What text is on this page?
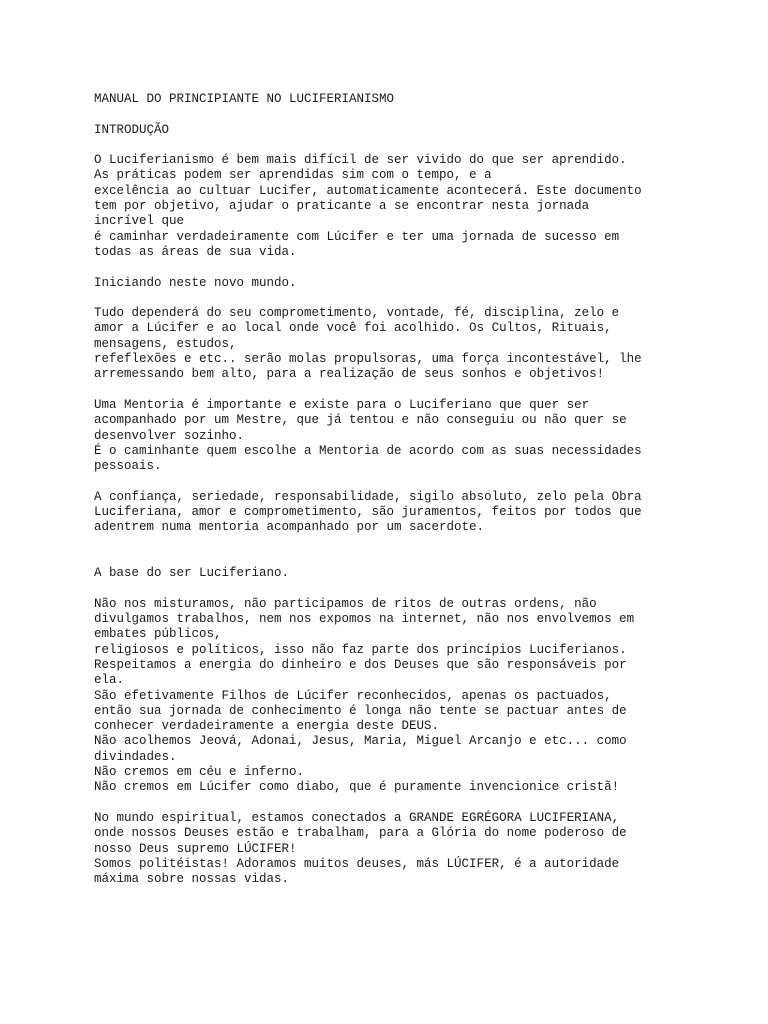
MANUAL DO PRINCIPIANTE NO LUCIFERIANISMO
INTRODUÇÃO
O Luciferianismo é bem mais difícil de ser vivido do que ser aprendido.
As práticas podem ser aprendidas sim com o tempo, e a
excelência ao cultuar Lucifer, automaticamente acontecerá. Este documento
tem por objetivo, ajudar o praticante a se encontrar nesta jornada
incrível que
é caminhar verdadeiramente com Lúcifer e ter uma jornada de sucesso em
todas as áreas de sua vida.
Iniciando neste novo mundo.
Tudo dependerá do seu comprometimento, vontade, fé, disciplina, zelo e
amor a Lúcifer e ao local onde você foi acolhido. Os Cultos, Rituais,
mensagens, estudos,
refeflexões e etc.. serão molas propulsoras, uma força incontestável, lhe
arremessando bem alto, para a realização de seus sonhos e objetivos!
Uma Mentoria é importante e existe para o Luciferiano que quer ser
acompanhado por um Mestre, que já tentou e não conseguiu ou não quer se
desenvolver sozinho.
É o caminhante quem escolhe a Mentoria de acordo com as suas necessidades
pessoais.
A confiança, seriedade, responsabilidade, sigilo absoluto, zelo pela Obra
Luciferiana, amor e comprometimento, são juramentos, feitos por todos que
adentrem numa mentoria acompanhado por um sacerdote.
A base do ser Luciferiano.
Não nos misturamos, não participamos de ritos de outras ordens, não
divulgamos trabalhos, nem nos expomos na internet, não nos envolvemos em
embates públicos,
religiosos e políticos, isso não faz parte dos princípios Luciferianos.
Respeitamos a energia do dinheiro e dos Deuses que são responsáveis por
ela.
São efetivamente Filhos de Lúcifer reconhecidos, apenas os pactuados,
então sua jornada de conhecimento é longa não tente se pactuar antes de
conhecer verdadeiramente a energia deste DEUS.
Não acolhemos Jeová, Adonai, Jesus, Maria, Miguel Arcanjo e etc... como
divindades.
Não cremos em céu e inferno.
Não cremos em Lúcifer como diabo, que é puramente invencionice cristã!
No mundo espiritual, estamos conectados a GRANDE EGRÉGORA LUCIFERIANA,
onde nossos Deuses estão e trabalham, para a Glória do nome poderoso de
nosso Deus supremo LÚCIFER!
Somos politéistas! Adoramos muitos deuses, más LÚCIFER, é a autoridade
máxima sobre nossas vidas.
